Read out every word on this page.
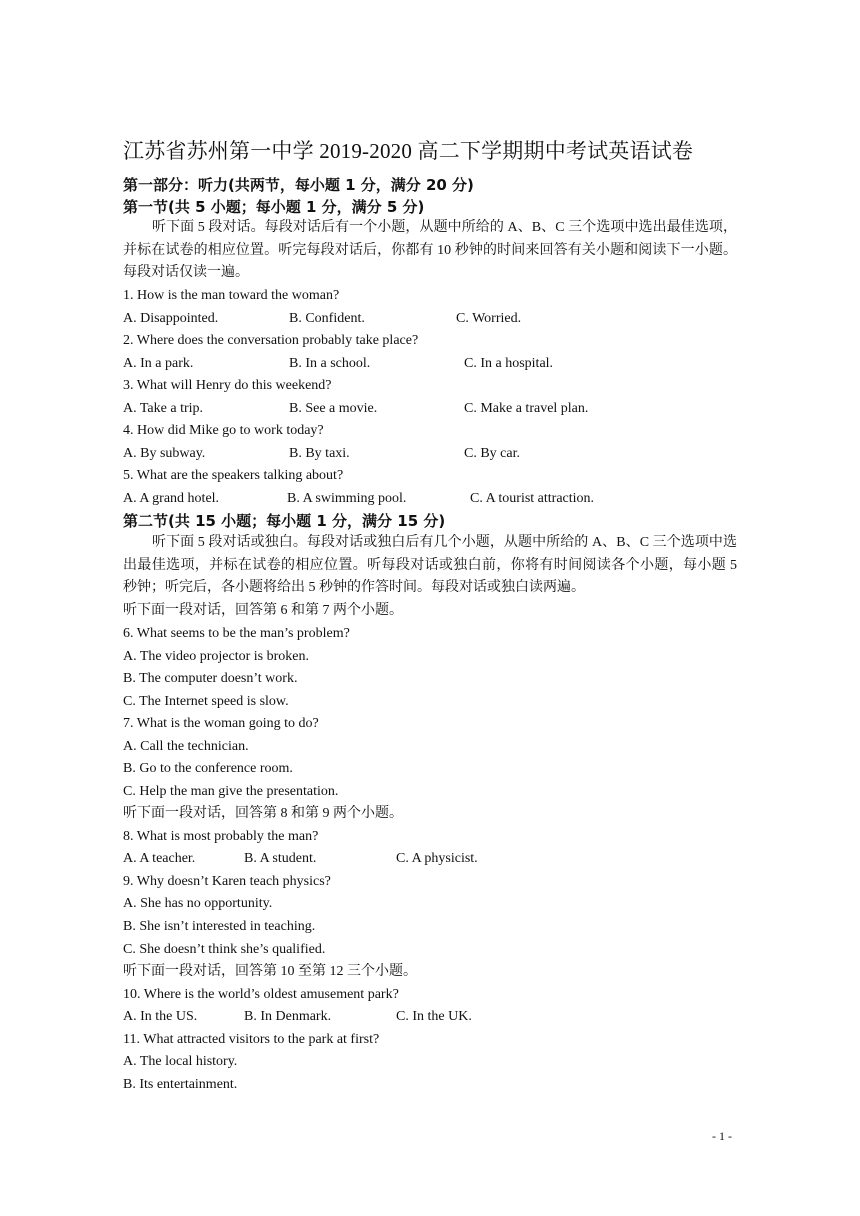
江苏省苏州第一中学 2019-2020 高二下学期期中考试英语试卷
第一部分：听力(共两节，每小题 1 分，满分 20 分)
第一节(共 5 小题；每小题 1 分，满分 5 分)
听下面 5 段对话。每段对话后有一个小题，从题中所给的 A、B、C 三个选项中选出最佳选项，并标在试卷的相应位置。听完每段对话后，你都有 10 秒钟的时间来回答有关小题和阅读下一小题。每段对话仅读一遍。
1. How is the man toward the woman?
A. Disappointed.	B. Confident.	C. Worried.
2. Where does the conversation probably take place?
A. In a park.	B. In a school.	C. In a hospital.
3. What will Henry do this weekend?
A. Take a trip.	B. See a movie.	C. Make a travel plan.
4. How did Mike go to work today?
A. By subway.	B. By taxi.	C. By car.
5. What are the speakers talking about?
A. A grand hotel.	B. A swimming pool.	C. A tourist attraction.
第二节(共 15 小题；每小题 1 分，满分 15 分)
听下面 5 段对话或独白。每段对话或独白后有几个小题，从题中所给的 A、B、C 三个选项中选出最佳选项，并标在试卷的相应位置。听每段对话或独白前，你将有时间阅读各个小题，每小题 5 秒钟；听完后，各小题将给出 5 秒钟的作答时间。每段对话或独白读两遍。
听下面一段对话，回答第 6 和第 7 两个小题。
6. What seems to be the man’s problem?
A. The video projector is broken.
B. The computer doesn’t work.
C. The Internet speed is slow.
7. What is the woman going to do?
A. Call the technician.
B. Go to the conference room.
C. Help the man give the presentation.
听下面一段对话，回答第 8 和第 9 两个小题。
8. What is most probably the man?
A. A teacher.	B. A student.	C. A physicist.
9. Why doesn’t Karen teach physics?
A. She has no opportunity.
B. She isn’t interested in teaching.
C. She doesn’t think she’s qualified.
听下面一段对话，回答第 10 至第 12 三个小题。
10. Where is the world’s oldest amusement park?
A. In the US.	B. In Denmark.	C. In the UK.
11. What attracted visitors to the park at first?
A. The local history.
B. Its entertainment.
- 1 -
